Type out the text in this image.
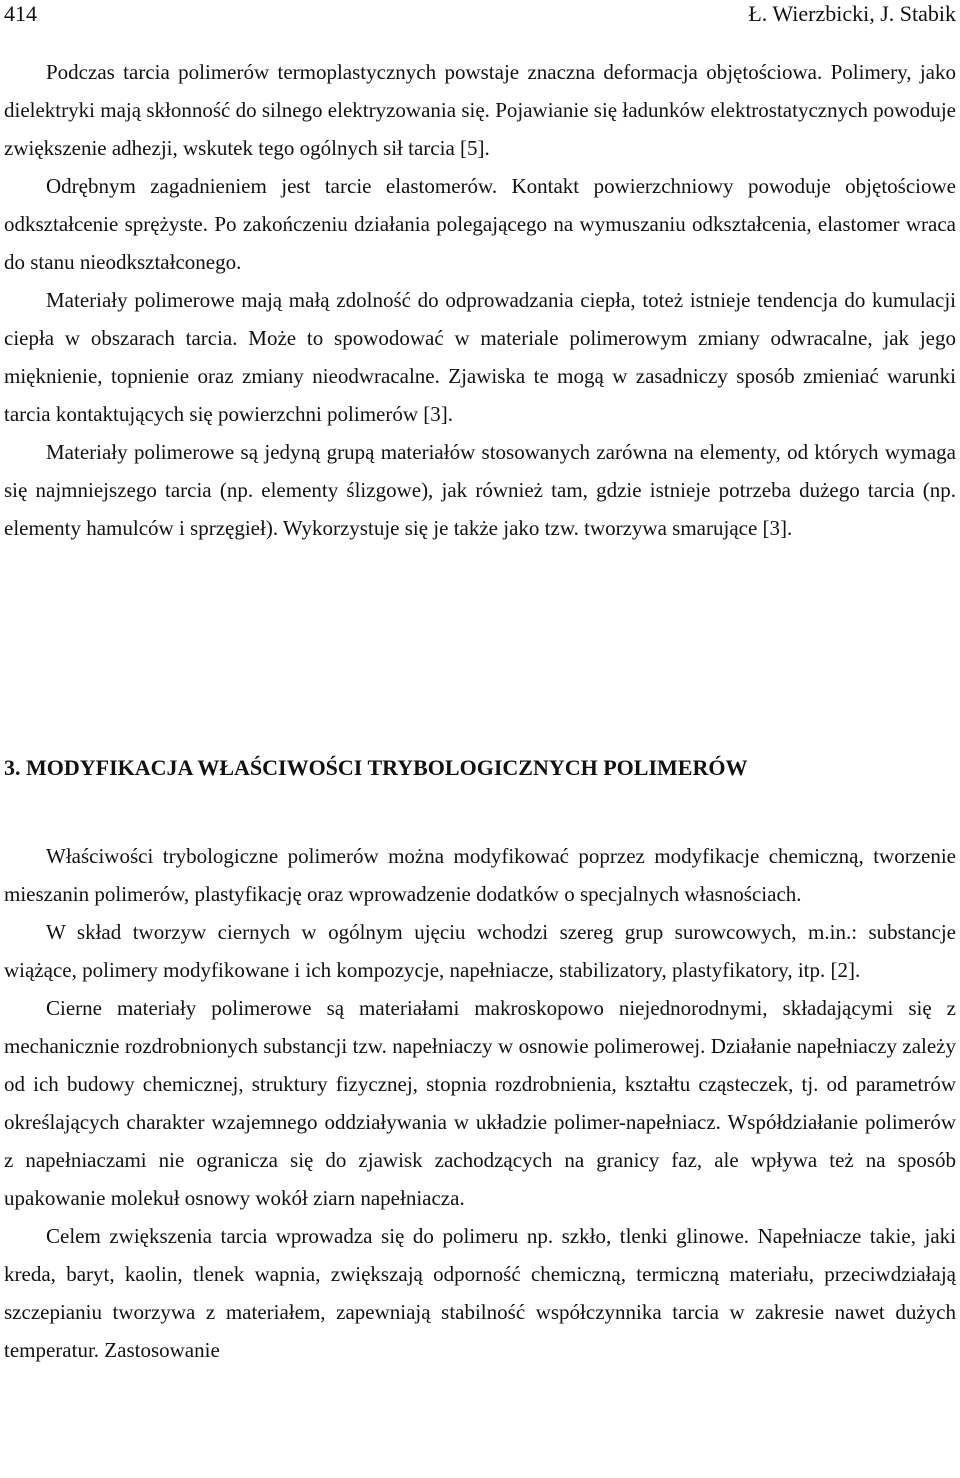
414	Ł. Wierzbicki, J. Stabik

Podczas tarcia polimerów termoplastycznych powstaje znaczna deformacja objętościowa. Polimery, jako dielektryki mają skłonność do silnego elektryzowania się. Pojawianie się ładunków elektrostatycznych powoduje zwiększenie adhezji, wskutek tego ogólnych sił tarcia [5].

Odrębnym zagadnieniem jest tarcie elastomerów. Kontakt powierzchniowy powoduje objętościowe odkształcenie sprężyste. Po zakończeniu działania polegającego na wymuszaniu odkształcenia, elastomer wraca do stanu nieodkształconego.

Materiały polimerowe mają małą zdolność do odprowadzania ciepła, toteż istnieje tendencja do kumulacji ciepła w obszarach tarcia. Może to spowodować w materiale polimerowym zmiany odwracalne, jak jego mięknienie, topnienie oraz zmiany nieodwracalne. Zjawiska te mogą w zasadniczy sposób zmieniać warunki tarcia kontaktujących się powierzchni polimerów [3].

Materiały polimerowe są jedyną grupą materiałów stosowanych zarówna na elementy, od których wymaga się najmniejszego tarcia (np. elementy ślizgowe), jak również tam, gdzie istnieje potrzeba dużego tarcia (np. elementy hamulców i sprzęgieł). Wykorzystuje się je także jako tzw. tworzywa smarujące [3].

3. MODYFIKACJA WŁAŚCIWOŚCI TRYBOLOGICZNYCH POLIMERÓW

Właściwości trybologiczne polimerów można modyfikować poprzez modyfikacje chemiczną, tworzenie mieszanin polimerów, plastyfikację oraz wprowadzenie dodatków o specjalnych własnościach.

W skład tworzyw ciernych w ogólnym ujęciu wchodzi szereg grup surowcowych, m.in.: substancje wiążące, polimery modyfikowane i ich kompozycje, napełniacze, stabilizatory, plastyfikatory, itp. [2].

Cierne materiały polimerowe są materiałami makroskopowo niejednorodnymi, składającymi się z mechanicznie rozdrobnionych substancji tzw. napełniaczy w osnowie polimerowej. Działanie napełniaczy zależy od ich budowy chemicznej, struktury fizycznej, stopnia rozdrobnienia, kształtu cząsteczek, tj. od parametrów określających charakter wzajemnego oddziaływania w układzie polimer-napełniacz. Współdziałanie polimerów z napełniaczami nie ogranicza się do zjawisk zachodzących na granicy faz, ale wpływa też na sposób upakowanie molekuł osnowy wokół ziarn napełniacza.

Celem zwiększenia tarcia wprowadza się do polimeru np. szkło, tlenki glinowe. Napełniacze takie, jaki kreda, baryt, kaolin, tlenek wapnia, zwiększają odporność chemiczną, termiczną materiału, przeciwdziałają szczepianiu tworzywa z materiałem, zapewniają stabilność współczynnika tarcia w zakresie nawet dużych temperatur. Zastosowanie
